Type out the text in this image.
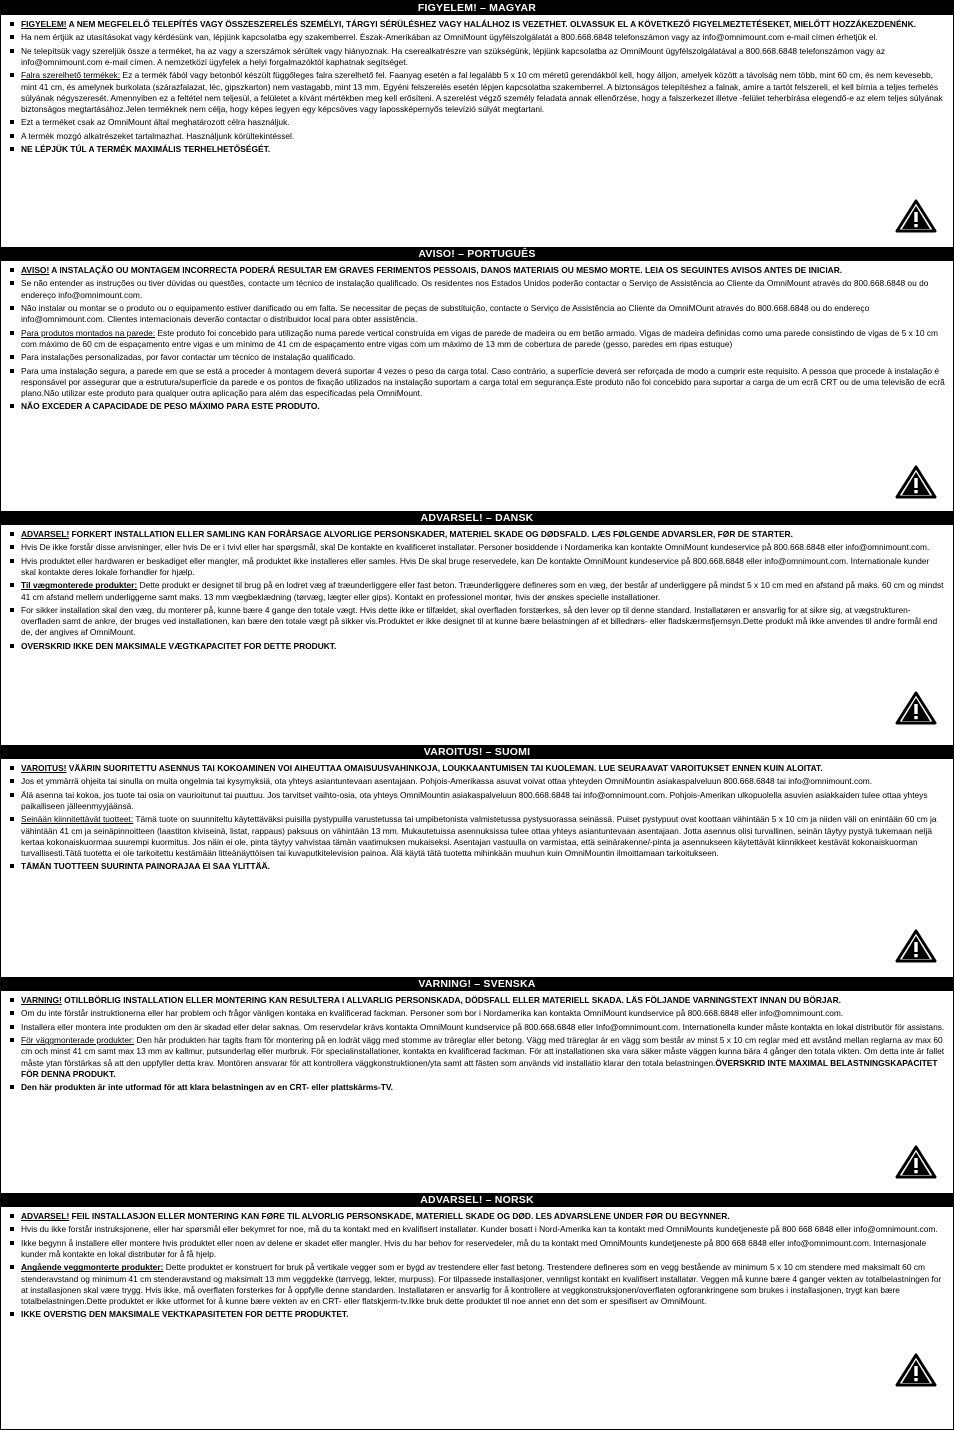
FIGYELEM! – MAGYAR
FIGYELEM! A NEM MEGFELELŐ TELEPÍTÉS VAGY ÖSSZESZERELÉS SZEMÉLYI, TÁRGYI SÉRÜLÉSHEZ VAGY HALÁLHOZ IS VEZETHET. OLVASSUK EL A KÖVETKEZŐ FIGYELMEZTETÉSEKET, MIELŐTT HOZZÁKEZDENÉNK.
Ha nem értjük az utasításokat vagy kérdésünk van, lépjünk kapcsolatba egy szakemberrel. Észak-Amerikában az OmniMount ügyfélszolgálatát a 800.668.6848 telefonszámon vagy az info@omnimount.com e-mail címen érhetjük el.
Ne telepítsük vagy szereljük össze a terméket, ha az vagy a szerszámok sérültek vagy hiányoznak. Ha cserealkatrészre van szükségünk, lépjünk kapcsolatba az OmniMount ügyfélszolgálatával a 800.668.6848 telefonszámon vagy az info@omnimount.com e-mail címen. A nemzetközi ügyfelek a helyi forgalmazóktól kaphatnak segítséget.
Falra szerelhető termékek: Ez a termék fából vagy betonból készült függőleges falra szerelhető fel. Faanyag esetén a fal legalább 5 x 10 cm méretű gerendákból kell, hogy álljon, amelyek között a távolság nem több, mint 60 cm, és nem kevesebb, mint 41 cm, és amelynek burkolata (szárazfalazat, léc, gipszkarton) nem vastagabb, mint 13 mm. Egyéni felszerelés esetén lépjen kapcsolatba szakemberrel. A biztonságos telepítéshez a falnak, amire a tartót felszereli, el kell bírnia a teljes terhelés súlyának négyszeresét. Amennyiben ez a feltétel nem teljesül, a felületet a kívánt mértékben meg kell erősíteni. A szerelést végző személy feladata annak ellenőrzése, hogy a falszerkezet illetve -felület teherbírása elegendő-e az elem teljes súlyának biztonságos megtartásához.Jelen terméknek nem célja, hogy képes legyen egy képcsöves vagy lapossképernyős televízió súlyát megtartani.
Ezt a terméket csak az OmniMount által meghatározott célra használjuk.
A termék mozgó alkatrészeket tartalmazhat. Használjunk körültekintéssel.
NE LÉPJÜK TÚL A TERMÉK MAXIMÁLIS TERHELHETŐSÉGÉT.
AVISO! – PORTUGUÊS
AVISO! A INSTALAÇÃO OU MONTAGEM INCORRECTA PODERÁ RESULTAR EM GRAVES FERIMENTOS PESSOAIS, DANOS MATERIAIS OU MESMO MORTE. LEIA OS SEGUINTES AVISOS ANTES DE INICIAR.
Se não entender as instruções ou tiver dúvidas ou questões, contacte um técnico de instalação qualificado. Os residentes nos Estados Unidos poderão contactar o Serviço de Assistência ao Cliente da OmniMount através do 800.668.6848 ou do endereço info@omnimount.com.
Não instalar ou montar se o produto ou o equipamento estiver danificado ou em falta. Se necessitar de peças de substituição, contacte o Serviço de Assistência ao Cliente da OmniMOunt através do 800.668.6848 ou do endereço info@omnimount.com. Clientes internacionais deverão contactar o distribuidor local para obter assistência.
Para produtos montados na parede: Este produto foi concebido para utilização numa parede vertical construída em vigas de parede de madeira ou em betão armado. Vigas de madeira definidas como uma parede consistindo de vigas de 5 x 10 cm com máximo de 60 cm de espaçamento entre vigas e um mínimo de 41 cm de espaçamento entre vigas com um máximo de 13 mm de cobertura de parede (gesso, paredes em ripas estuque)
Para instalações personalizadas, por favor contactar um técnico de instalação qualificado.
Para uma instalação segura, a parede em que se está a proceder à montagem deverá suportar 4 vezes o peso da carga total. Caso contrário, a superfície deverá ser reforçada de modo a cumprir este requisito. A pessoa que procede à instalação é responsável por assegurar que a estrutura/superfície da parede e os pontos de fixação utilizados na instalação suportam a carga total em segurança.Este produto não foi concebido para suportar a carga de um ecrã CRT ou de uma televisão de ecrã plano.Não utilizar este produto para qualquer outra aplicação para além das especificadas pela OmniMount.
NÃO EXCEDER A CAPACIDADE DE PESO MÁXIMO PARA ESTE PRODUTO.
ADVARSEL! – DANSK
ADVARSEL! FORKERT INSTALLATION ELLER SAMLING KAN FORÅRSAGE ALVORLIGE PERSONSKADER, MATERIEL SKADE OG DØDSFALD. LÆS FØLGENDE ADVARSLER, FØR DE STARTER.
Hvis De ikke forstår disse anvisninger, eller hvis De er i tvivl eller har spørgsmål, skal De kontakte en kvalificeret installatør. Personer bosiddende i Nordamerika kan kontakte OmniMount kundeservice på 800.668.6848 eller info@omnimount.com.
Hvis produktet eller hardwaren er beskadiget eller mangler, må produktet ikke installeres eller samles. Hvis De skal bruge reservedele, kan De kontakte OmniMount kundeservice på 800.668.6848 eller info@omnimount.com. Internationale kunder skal kontakte deres lokale forhandler for hjælp.
Til vægmonterede produkter: Dette produkt er designet til brug på en lodret væg af træunderliggere eller fast beton. Træunderliggere defineres som en væg, der består af underliggere på mindst 5 x 10 cm med en afstand på maks. 60 cm og mindst 41 cm afstand mellem underliggerne samt maks. 13 mm vægbeklædning (tørvæg, lægter eller gips). Kontakt en professionel montør, hvis der ønskes specielle installationer.
For sikker installation skal den væg, du monterer på, kunne bære 4 gange den totale vægt. Hvis dette ikke er tilfældet, skal overfladen forstærkes, så den lever op til denne standard. Installatøren er ansvarlig for at sikre sig, at vægstrukturen-overfladen samt de ankre, der bruges ved installationen, kan bære den totale vægt på sikker vis.Produktet er ikke designet til at kunne bære belastningen af et billedrørs- eller fladskærmsfjernsyn.Dette produkt må ikke anvendes til andre formål end de, der angives af OmniMount.
OVERSKRID IKKE DEN MAKSIMALE VÆGTKAPACITET FOR DETTE PRODUKT.
VAROITUS! – SUOMI
VAROITUS! VÄÄRIN SUORITETTU ASENNUS TAI KOKOAMINEN VOI AIHEUTTAA OMAISUUSVAHINKOJA, LOUKKAANTUMISEN TAI KUOLEMAN. LUE SEURAAVAT VAROITUKSET ENNEN KUIN ALOITAT.
Jos et ymmärrä ohjeita tai sinulla on muita ongelmia tai kysymyksiä, ota yhteys asiantuntevaan asentajaan. Pohjois-Amerikassa asuvat voivat ottaa yhteyden OmniMountin asiakaspalveluun 800.668.6848 tai info@omnimount.com.
Älä asenna tai kokoa, jos tuote tai osia on vaurioitunut tai puuttuu. Jos tarvitset vaihto-osia, ota yhteys OmniMountin asiakaspalveluun 800.668.6848 tai info@omnimount.com. Pohjois-Amerikan ulkopuolella asuvien asiakkaiden tulee ottaa yhteys paikalliseen jälleenmyyjäänsä.
Seinään kiinnitettävät tuotteet: Tämä tuote on suunniteltu käytettäväksi puisilla pystypuilla varustetussa tai umpibetonista valmistetussa pystysuorassa seinässä. Puiset pystypuut ovat koottaan vähintään 5 x 10 cm ja niiden väli on enintään 60 cm ja vähintään 41 cm ja seinäpinnoitteen (laastiton kiviseinä, listat, rappaus) paksuus on vähintään 13 mm. Mukautetuissa asennuksissa tulee ottaa yhteys asiantuntevaan asentajaan. Jotta asennus olisi turvallinen, seinän täytyy pystyä tukemaan neljä kertaa kokonaiskuormaa suurempi kuormitus. Jos näin ei ole, pinta täytyy vahvistaa tämän vaatimuksen mukaiseksi. Asentajan vastuulla on varmistaa, että seinärakenne/-pinta ja asennukseen käytettävät kiinnikkeet kestävät kokonaiskuorman turvallisesti.Tätä tuotetta ei ole tarkoitettu kestämään litteänäyttöisen tai kuvaputkitelevision painoa. Älä käytä tätä tuotetta mihinkään muuhun kuin OmniMountin ilmoittamaan tarkoitukseen.
TÄMÄN TUOTTEEN SUURINTA PAINORAJAA EI SAA YLITTÄÄ.
VARNING! – SVENSKA
VARNING! OTILLBÖRLIG INSTALLATION ELLER MONTERING KAN RESULTERA I ALLVARLIG PERSONSKADA, DÖDSFALL ELLER MATERIELL SKADA. LÄS FÖLJANDE VARNINGSTEXT INNAN DU BÖRJAR.
Om du inte förstår instruktionerna eller har problem och frågor vänligen kontaka en kvalificerad fackman. Personer som bor i Nordamerika kan kontakta OmniMount kundservice på 800.668.6848 eller info@omnimount.com.
Installera eller montera inte produkten om den är skadad eller delar saknas. Om reservdelar krävs kontakta OmniMount kundservice på 800.668.6848 eller Info@omnimount.com. Internationella kunder måste kontakta en lokal distributör för assistans.
För väggmonterade produkter: Den här produkten har tagits fram för montering på en lodrät vägg med stomme av träreglar eller betong. Vägg med träreglar är en vägg som består av minst 5 x 10 cm reglar med ett avstånd mellan reglarna av max 60 cm och minst 41 cm samt max 13 mm av kallmur, putsunderlag eller murbruk. För specialinstallationer, kontakta en kvalificerad fackman. För att installationen ska vara säker måste väggen kunna bära 4 gånger den totala vikten. Om detta inte är fallet måste ytan förstärkas så att den uppfyller detta krav. Montören ansvarar för att kontrollera väggkonstruktionen/yta samt att fästen som används vid installatio klarar den totala belastningen.ÖVERSKRID INTE MAXIMAL BELASTNINGSKAPACITET FÖR DENNA PRODUKT.
Den här produkten är inte utformad för att klara belastningen av en CRT- eller plattskärms-TV.
ADVARSEL! – NORSK
ADVARSEL! FEIL INSTALLASJON ELLER MONTERING KAN FØRE TIL ALVORLIG PERSONSKADE, MATERIELL SKADE OG DØD. LES ADVARSLENE UNDER FØR DU BEGYNNER.
Hvis du ikke forstår instruksjonene, eller har spørsmål eller bekymret for noe, må du ta kontakt med en kvalifisert installatør. Kunder bosatt i Nord-Amerika kan ta kontakt med OmniMounts kundetjeneste på 800 668 6848 eller info@omnimount.com.
Ikke begynn å installere eller montere hvis produktet eller noen av delene er skadet eller mangler. Hvis du har behov for reservedeler, må du ta kontakt med OmniMounts kundetjeneste på 800 668 6848 eller info@omnimount.com. Internasjonale kunder må kontakte en lokal distributør for å få hjelp.
Angående veggmonterte produkter: Dette produktet er konstruert for bruk på vertikale vegger som er bygd av trestendere eller fast betong. Trestendere defineres som en vegg bestående av minimum 5 x 10 cm stendere med maksimalt 60 cm stenderavstand og minimum 41 cm stenderavstand og maksimalt 13 mm veggdekke (tørrvegg, lekter, murpuss). For tilpassede installasjoner, vennligst kontakt en kvalifisert installatør. Veggen må kunne bære 4 ganger vekten av totalbelastningen for at installasjonen skal være trygg. Hvis ikke, må overflaten forsterkes for å oppfylle denne standarden. Installatøren er ansvarlig for å kontrollere at veggkonstruksjonen/overflaten ogforankringene som brukes i installasjonen, trygt kan bære totalbelastningen.Dette produktet er ikke utformet for å kunne bære vekten av en CRT- eller flatskjerm-tv.Ikke bruk dette produktet til noe annet enn det som er spesifisert av OmniMount.
IKKE OVERSTIG DEN MAKSIMALE VEKTKAPASITETEN FOR DETTE PRODUKTET.
